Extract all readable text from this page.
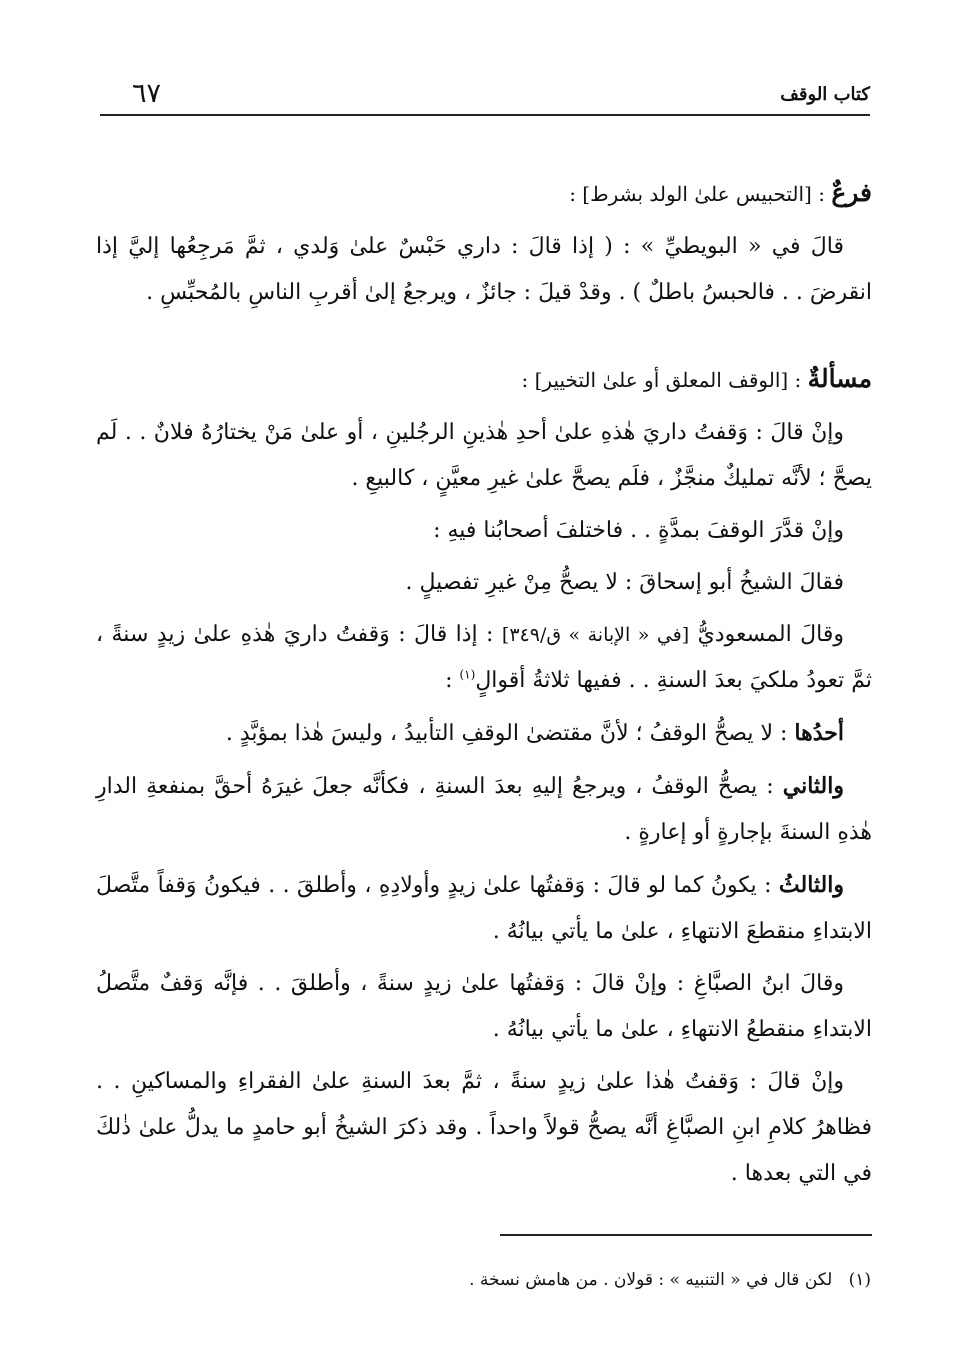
٦٧	كتاب الوقف

فرعٌ : [التحبيس علىٰ الولد بشرط] :

قالَ في « البويطيِّ » : ( إذا قالَ : داري حَبْسٌ علىٰ وَلدي ، ثمَّ مَرجِعُها إليَّ إذا انقرضَ . . فالحبسُ باطلٌ ) . وقدْ قيلَ : جائزٌ ، ويرجعُ إلىٰ أقربِ الناسِ بالمُحبِّسِ .

مسألةٌ : [الوقف المعلق أو علىٰ التخيير] :

وإنْ قالَ : وَقفتُ داريَ هٰذهِ علىٰ أحدِ هٰذينِ الرجُلينِ ، أو علىٰ مَنْ يختارُهُ فلانٌ . . لَم يصحَّ ؛ لأنَّه تمليكٌ منجَّزٌ ، فلَم يصحَّ علىٰ غيرِ معيَّنٍ ، كالبيعِ .

وإنْ قدَّرَ الوقفَ بمدَّةٍ . . فاختلفَ أصحابُنا فيهِ :

فقالَ الشيخُ أبو إسحاقَ : لا يصحُّ مِنْ غيرِ تفصيلٍ .

وقالَ المسعوديُّ [في « الإبانة » ق/٣٤٩] : إذا قالَ : وَقفتُ داريَ هٰذهِ علىٰ زيدٍ سنةً ، ثمَّ تعودُ ملكيَ بعدَ السنةِ . . ففيها ثلاثةُ أقوالٍ$^{(١)}$ :

أحدُها : لا يصحُّ الوقفُ ؛ لأنَّ مقتضىٰ الوقفِ التأبيدُ ، وليسَ هٰذا بمؤبَّدٍ .

والثاني : يصحُّ الوقفُ ، ويرجعُ إليهِ بعدَ السنةِ ، فكأنَّه جعلَ غيرَهُ أحقَّ بمنفعةِ الدارِ هٰذهِ السنةَ بإجارةٍ أو إعارةٍ .

والثالثُ : يكونُ كما لو قالَ : وَقفتُها علىٰ زيدٍ وأولادِهِ ، وأطلقَ . . فيكونُ وَقفاً متَّصلَ الابتداءِ منقطعَ الانتهاءِ ، علىٰ ما يأتي بيانُهُ .

وقالَ ابنُ الصبَّاغِ : وإنْ قالَ : وَقفتُها علىٰ زيدٍ سنةً ، وأطلقَ . . فإنَّه وَقفٌ متَّصلُ الابتداءِ منقطعُ الانتهاءِ ، علىٰ ما يأتي بيانُهُ .

وإنْ قالَ : وَقفتُ هٰذا علىٰ زيدٍ سنةً ، ثمَّ بعدَ السنةِ علىٰ الفقراءِ والمساكينِ . . فظاهرُ كلامِ ابنِ الصبَّاغِ أنَّه يصحُّ قولاً واحداً . وقد ذكرَ الشيخُ أبو حامدٍ ما يدلُّ علىٰ ذٰلكَ في التي بعدها .

(١)   لكن قال في « التنبيه » : قولان . من هامش نسخة .
